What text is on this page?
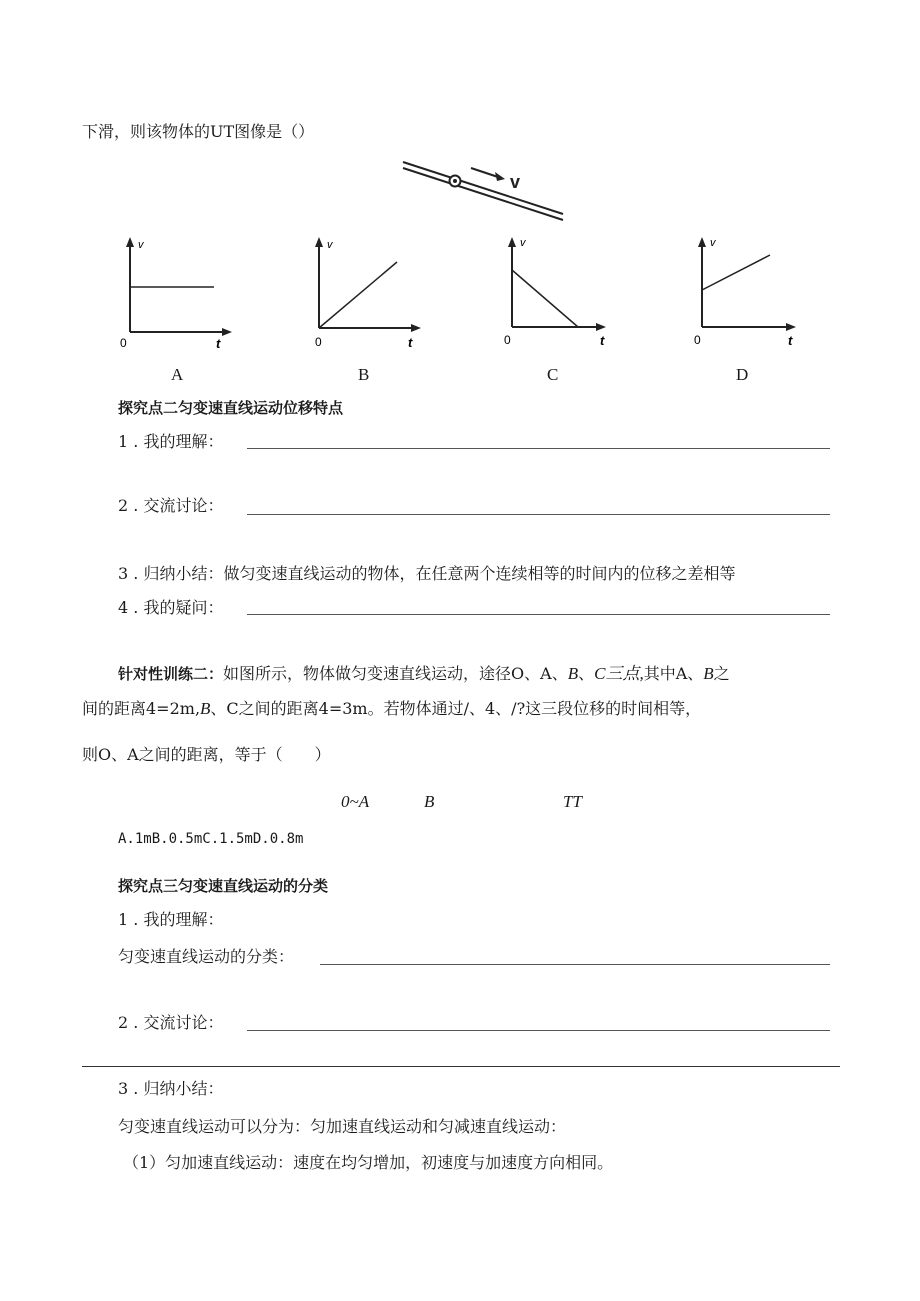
下滑，则该物体的UT图像是（）
v
v
0	t
A
v
0	t
B
v
0	t
C
v
0	t
D
探究点二匀变速直线运动位移特点
1 . 我的理解：
2 . 交流讨论：
3 . 归纳小结：做匀变速直线运动的物体，在任意两个连续相等的时间内的位移之差相等
4 . 我的疑问：
针对性训练二：如图所示，物体做匀变速直线运动，途径O、A、B、C三点,其中A、B之
间的距离4=2m,B、C之间的距离4=3m。若物体通过/、4、/?这三段位移的时间相等，
则O、A之间的距离，等于（　　）
0~A	B	TT
A.1mB.0.5mC.1.5mD.0.8m
探究点三匀变速直线运动的分类
1 . 我的理解：
匀变速直线运动的分类：
2 . 交流讨论：
3 . 归纳小结：
匀变速直线运动可以分为：匀加速直线运动和匀减速直线运动：
（1）匀加速直线运动：速度在均匀增加，初速度与加速度方向相同。
